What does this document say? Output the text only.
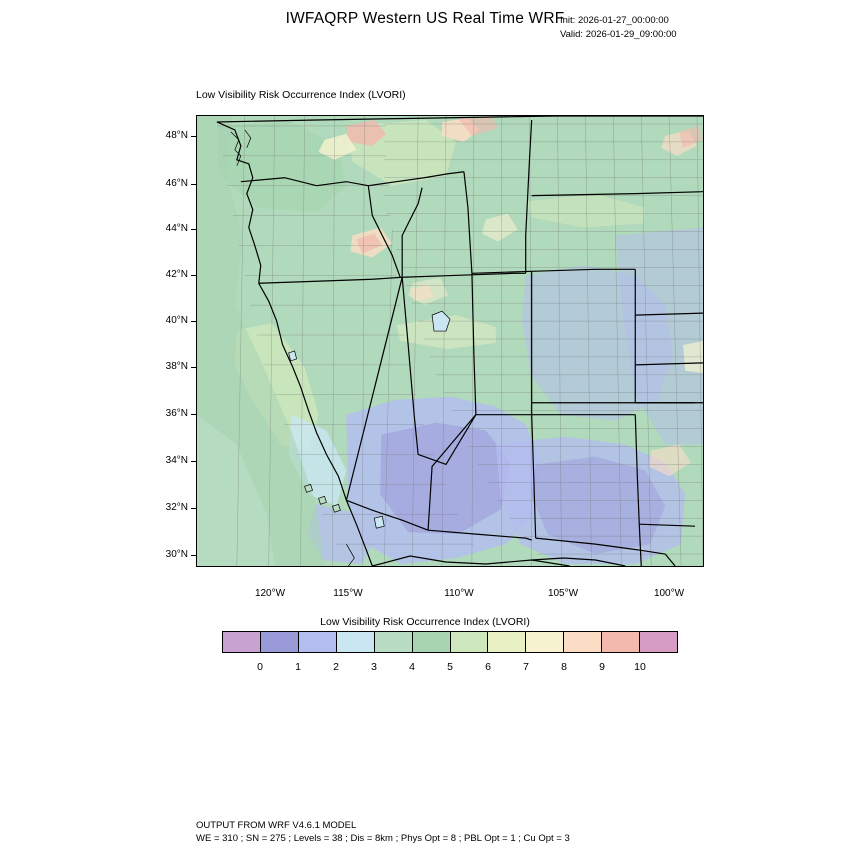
IWFAQRP Western US Real Time WRF
Init: 2026-01-27_00:00:00
Valid: 2026-01-29_09:00:00
Low Visibility Risk Occurrence Index (LVORI)
30°N
32°N
34°N
36°N
38°N
40°N
42°N
44°N
46°N
48°N
120°W	115°W	110°W	105°W	100°W
Low Visibility Risk Occurrence Index (LVORI)
0	1	2	3	4	5	6	7	8	9	10
OUTPUT FROM WRF V4.6.1 MODEL
WE = 310 ; SN = 275 ; Levels = 38 ; Dis = 8km ; Phys Opt = 8 ; PBL Opt = 1 ; Cu Opt = 3
